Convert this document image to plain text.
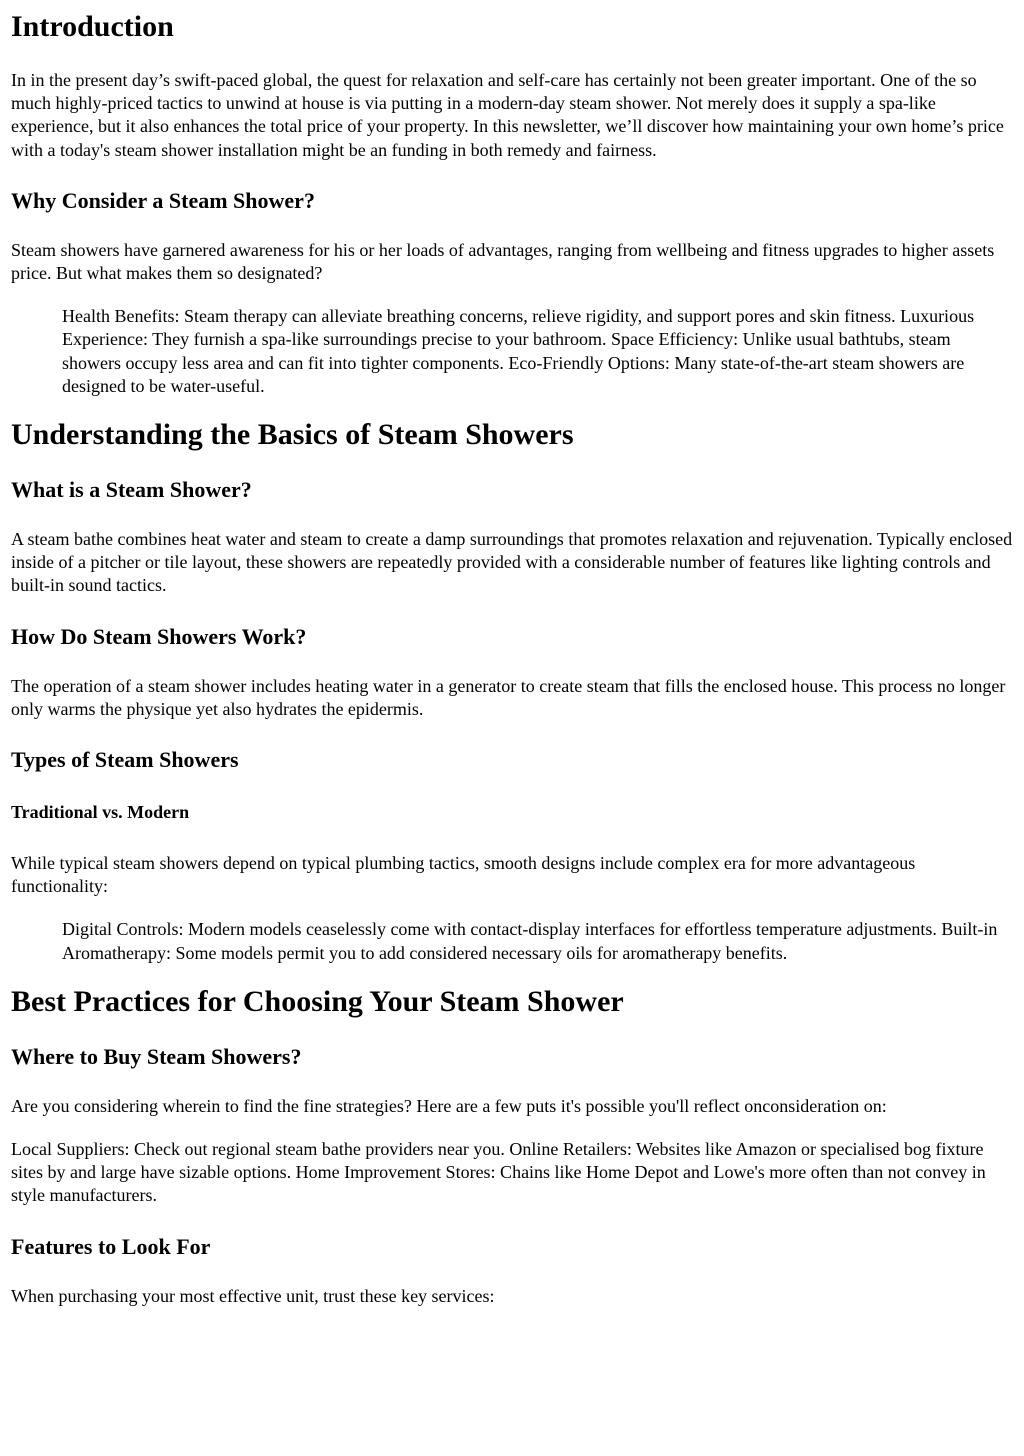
Introduction

In in the present day’s swift-paced global, the quest for relaxation and self-care has certainly not been greater important. One of the so much highly-priced tactics to unwind at house is via putting in a modern-day steam shower. Not merely does it supply a spa-like experience, but it also enhances the total price of your property. In this newsletter, we’ll discover how maintaining your own home’s price with a today's steam shower installation might be an funding in both remedy and fairness.

Why Consider a Steam Shower?

Steam showers have garnered awareness for his or her loads of advantages, ranging from wellbeing and fitness upgrades to higher assets price. But what makes them so designated?

Health Benefits: Steam therapy can alleviate breathing concerns, relieve rigidity, and support pores and skin fitness. Luxurious Experience: They furnish a spa-like surroundings precise to your bathroom. Space Efficiency: Unlike usual bathtubs, steam showers occupy less area and can fit into tighter components. Eco-Friendly Options: Many state-of-the-art steam showers are designed to be water-useful.
Understanding the Basics of Steam Showers
What is a Steam Shower?

A steam bathe combines heat water and steam to create a damp surroundings that promotes relaxation and rejuvenation. Typically enclosed inside of a pitcher or tile layout, these showers are repeatedly provided with a considerable number of features like lighting controls and built-in sound tactics.

How Do Steam Showers Work?

The operation of a steam shower includes heating water in a generator to create steam that fills the enclosed house. This process no longer only warms the physique yet also hydrates the epidermis.

Types of Steam Showers
Traditional vs. Modern

While typical steam showers depend on typical plumbing tactics, smooth designs include complex era for more advantageous functionality:

Digital Controls: Modern models ceaselessly come with contact-display interfaces for effortless temperature adjustments. Built-in Aromatherapy: Some models permit you to add considered necessary oils for aromatherapy benefits.
Best Practices for Choosing Your Steam Shower
Where to Buy Steam Showers?

Are you considering wherein to find the fine strategies? Here are a few puts it's possible you'll reflect onconsideration on:

Local Suppliers: Check out regional steam bathe providers near you. Online Retailers: Websites like Amazon or specialised bog fixture sites by and large have sizable options. Home Improvement Stores: Chains like Home Depot and Lowe's more often than not convey in style manufacturers.

Features to Look For

When purchasing your most effective unit, trust these key services:
